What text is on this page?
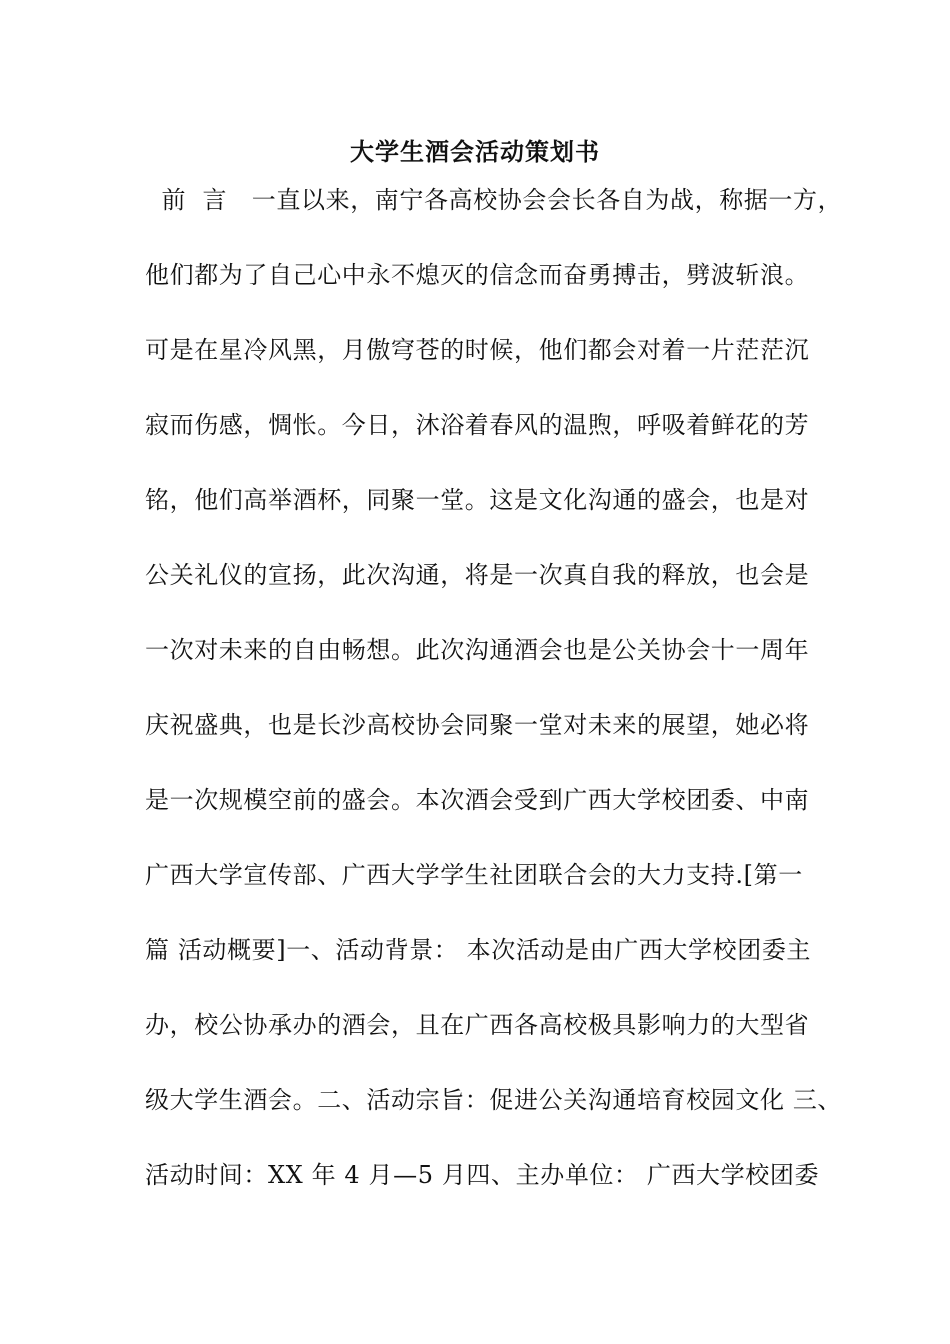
大学生酒会活动策划书
前  言   一直以来，南宁各高校协会会长各自为战，称据一方，
他们都为了自己心中永不熄灭的信念而奋勇搏击，劈波斩浪。
可是在星冷风黑，月傲穹苍的时候，他们都会对着一片茫茫沉
寂而伤感，惆怅。今日，沐浴着春风的温煦，呼吸着鲜花的芳
铭，他们高举酒杯，同聚一堂。这是文化沟通的盛会，也是对
公关礼仪的宣扬，此次沟通，将是一次真自我的释放，也会是
一次对未来的自由畅想。此次沟通酒会也是公关协会十一周年
庆祝盛典，也是长沙高校协会同聚一堂对未来的展望，她必将
是一次规模空前的盛会。本次酒会受到广西大学校团委、中南
广西大学宣传部、广西大学学生社团联合会的大力支持.[第一
篇 活动概要]一、活动背景： 本次活动是由广西大学校团委主
办，校公协承办的酒会，且在广西各高校极具影响力的大型省
级大学生酒会。二、活动宗旨：促进公关沟通培育校园文化 三、
活动时间：XX 年 4 月—5 月四、主办单位： 广西大学校团委
